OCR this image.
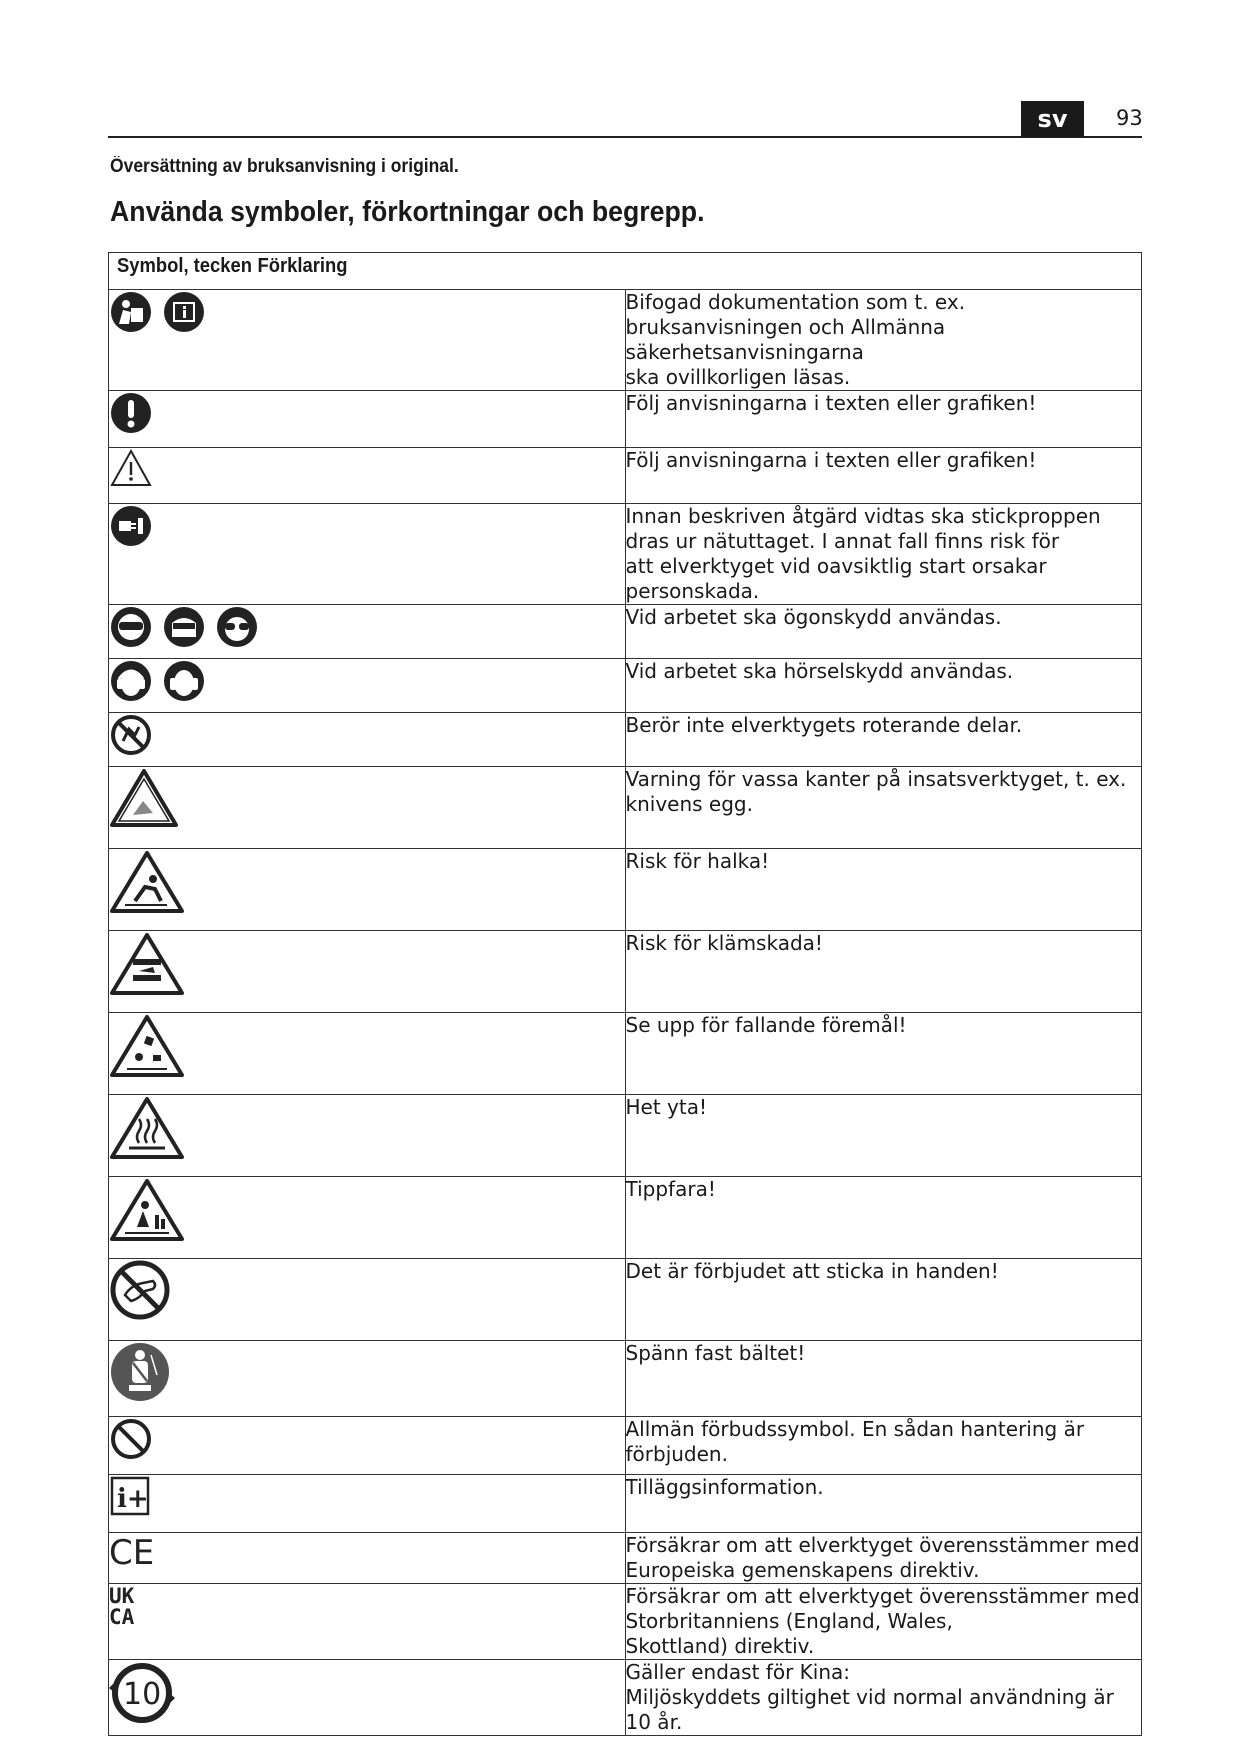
sv	93
Översättning av bruksanvisning i original.
Använda symboler, förkortningar och begrepp.
Symbol, tecken Förklaring	

Bifogad dokumentation som t. ex. bruksanvisningen och Allmänna säkerhetsanvisningarna
ska ovillkorligen läsas.

Följ anvisningarna i texten eller grafiken!

Följ anvisningarna i texten eller grafiken!

Innan beskriven åtgärd vidtas ska stickproppen dras ur nätuttaget. I annat fall finns risk för
att elverktyget vid oavsiktlig start orsakar personskada.

Vid arbetet ska ögonskydd användas.

Vid arbetet ska hörselskydd användas.

Berör inte elverktygets roterande delar.

Varning för vassa kanter på insatsverktyget, t. ex. knivens egg.

Risk för halka!

Risk för klämskada!

Se upp för fallande föremål!

Het yta!

Tippfara!

Det är förbjudet att sticka in handen!

Spänn fast bältet!

Allmän förbudssymbol. En sådan hantering är förbjuden.

i+	Tilläggsinformation.

CE	Försäkrar om att elverktyget överensstämmer med Europeiska gemenskapens direktiv.

UK
CA	Försäkrar om att elverktyget överensstämmer med Storbritanniens (England, Wales,
Skottland) direktiv.

10	Gäller endast för Kina:
Miljöskyddets giltighet vid normal användning är 10 år.
